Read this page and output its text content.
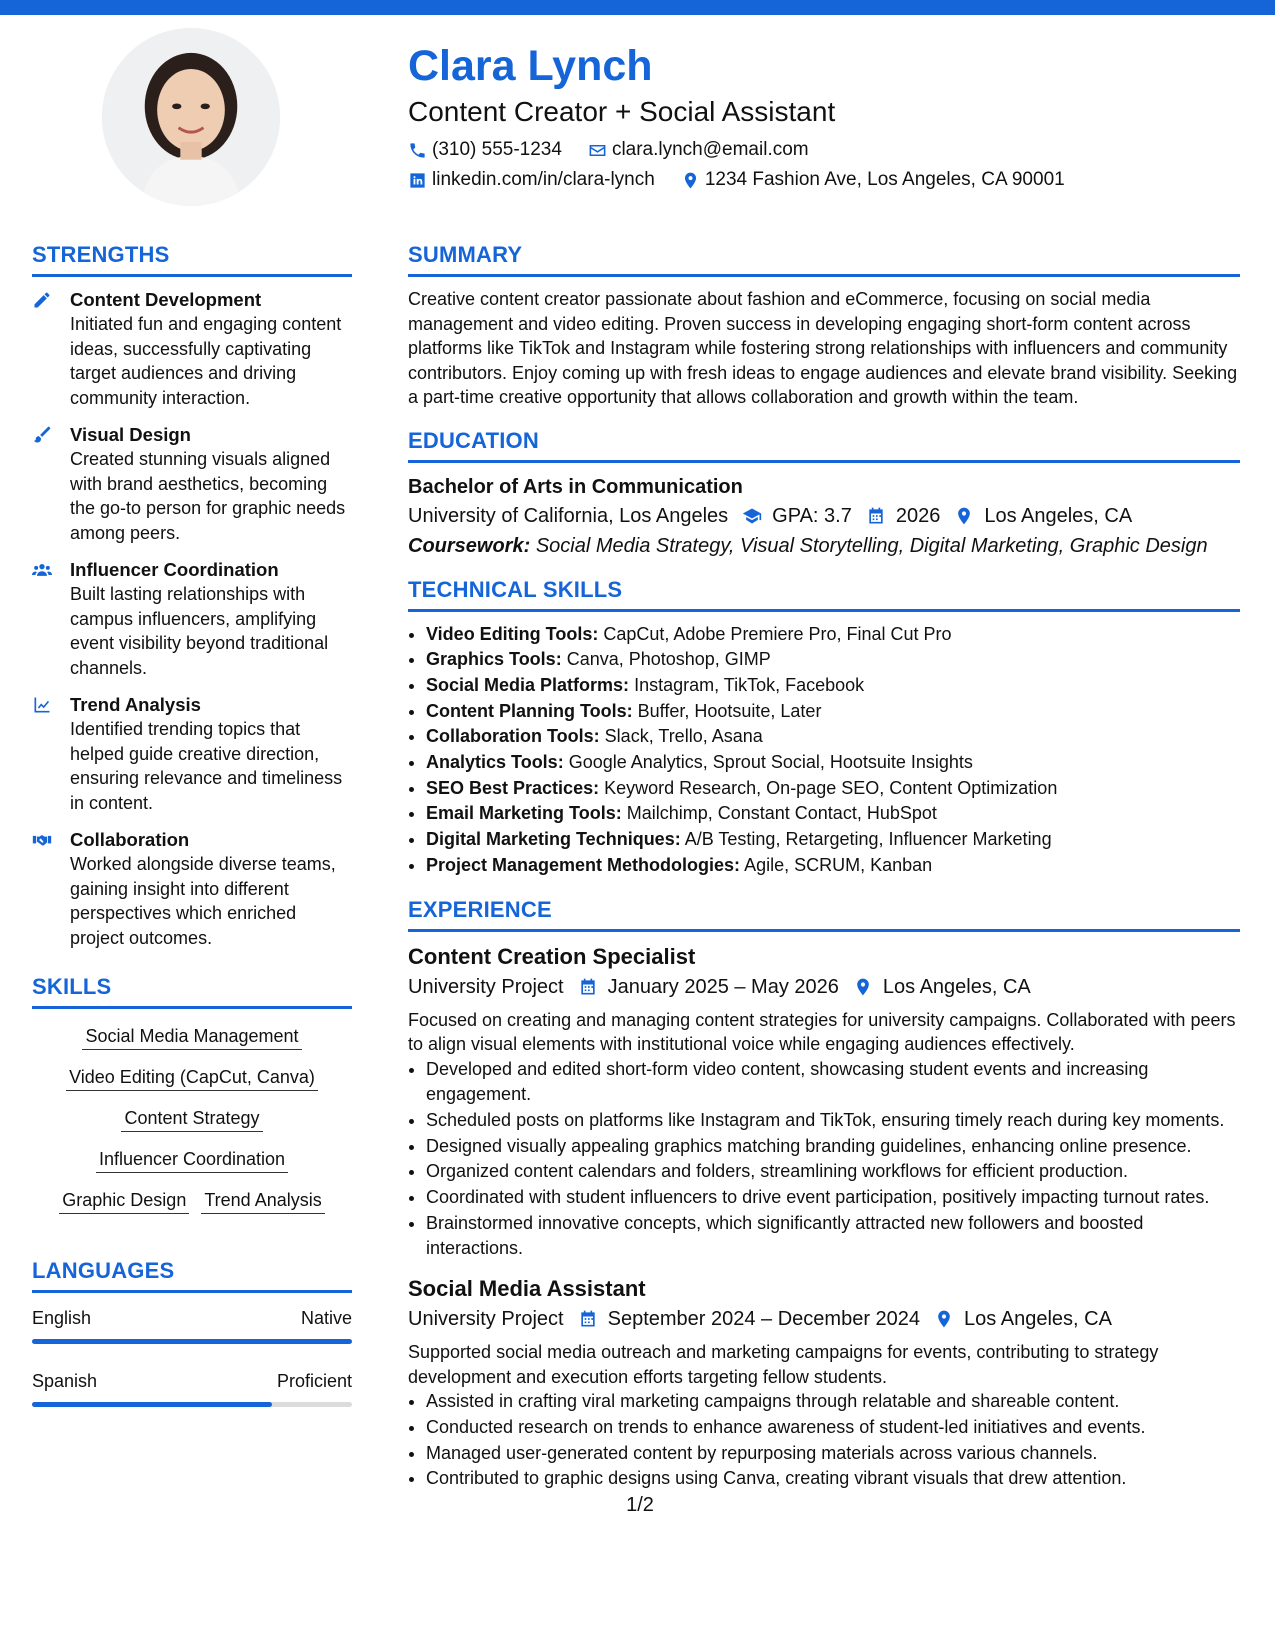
Clara Lynch
Content Creator + Social Assistant
(310) 555-1234	clara.lynch@email.com
linkedin.com/in/clara-lynch	1234 Fashion Ave, Los Angeles, CA 90001
STRENGTHS
Content Development
Initiated fun and engaging content ideas, successfully captivating target audiences and driving community interaction.
Visual Design
Created stunning visuals aligned with brand aesthetics, becoming the go-to person for graphic needs among peers.
Influencer Coordination
Built lasting relationships with campus influencers, amplifying event visibility beyond traditional channels.
Trend Analysis
Identified trending topics that helped guide creative direction, ensuring relevance and timeliness in content.
Collaboration
Worked alongside diverse teams, gaining insight into different perspectives which enriched project outcomes.
SKILLS
Social Media Management
Video Editing (CapCut, Canva)
Content Strategy
Influencer Coordination
Graphic Design Trend Analysis
LANGUAGES
English	Native
Spanish	Proficient
SUMMARY
Creative content creator passionate about fashion and eCommerce, focusing on social media management and video editing. Proven success in developing engaging short-form content across platforms like TikTok and Instagram while fostering strong relationships with influencers and community contributors. Enjoy coming up with fresh ideas to engage audiences and elevate brand visibility. Seeking a part-time creative opportunity that allows collaboration and growth within the team.
EDUCATION
Bachelor of Arts in Communication
University of California, Los Angeles GPA: 3.7 2026 Los Angeles, CA
Coursework: Social Media Strategy, Visual Storytelling, Digital Marketing, Graphic Design
TECHNICAL SKILLS
• Video Editing Tools: CapCut, Adobe Premiere Pro, Final Cut Pro
• Graphics Tools: Canva, Photoshop, GIMP
• Social Media Platforms: Instagram, TikTok, Facebook
• Content Planning Tools: Buffer, Hootsuite, Later
• Collaboration Tools: Slack, Trello, Asana
• Analytics Tools: Google Analytics, Sprout Social, Hootsuite Insights
• SEO Best Practices: Keyword Research, On-page SEO, Content Optimization
• Email Marketing Tools: Mailchimp, Constant Contact, HubSpot
• Digital Marketing Techniques: A/B Testing, Retargeting, Influencer Marketing
• Project Management Methodologies: Agile, SCRUM, Kanban
EXPERIENCE
Content Creation Specialist
University Project January 2025 – May 2026 Los Angeles, CA
Focused on creating and managing content strategies for university campaigns. Collaborated with peers to align visual elements with institutional voice while engaging audiences effectively.
• Developed and edited short-form video content, showcasing student events and increasing engagement.
• Scheduled posts on platforms like Instagram and TikTok, ensuring timely reach during key moments.
• Designed visually appealing graphics matching branding guidelines, enhancing online presence.
• Organized content calendars and folders, streamlining workflows for efficient production.
• Coordinated with student influencers to drive event participation, positively impacting turnout rates.
• Brainstormed innovative concepts, which significantly attracted new followers and boosted interactions.
Social Media Assistant
University Project September 2024 – December 2024 Los Angeles, CA
Supported social media outreach and marketing campaigns for events, contributing to strategy development and execution efforts targeting fellow students.
• Assisted in crafting viral marketing campaigns through relatable and shareable content.
• Conducted research on trends to enhance awareness of student-led initiatives and events.
• Managed user-generated content by repurposing materials across various channels.
• Contributed to graphic designs using Canva, creating vibrant visuals that drew attention.
1/2
